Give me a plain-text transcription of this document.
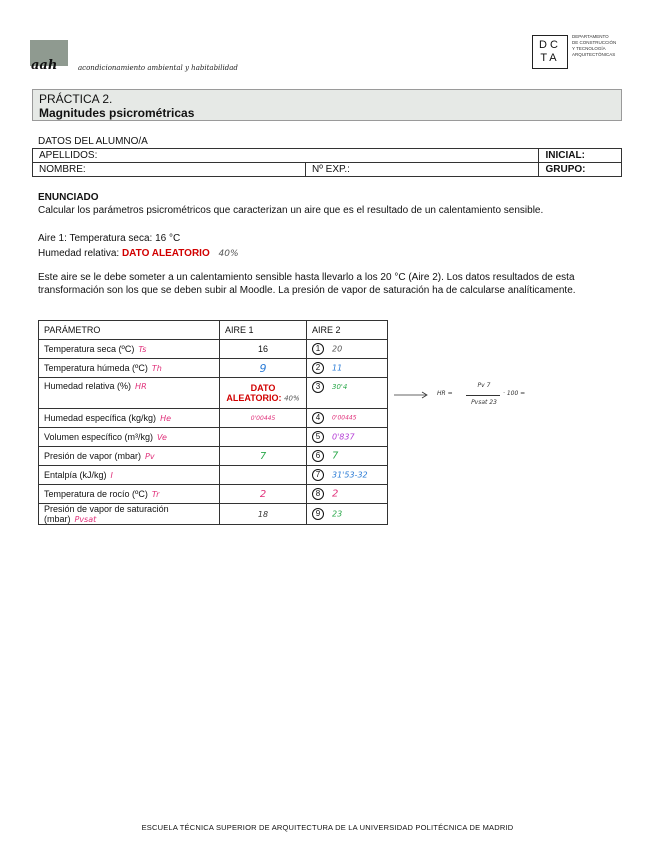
aah	acondicionamiento ambiental y habitabilidad
DCTA
DEPARTAMENTO
DE CONSTRUCCIÓN
Y TECNOLOGÍA
ARQUITECTÓNICAS
PRÁCTICA 2.
Magnitudes psicrométricas
DATOS DEL ALUMNO/A
APELLIDOS:		INICIAL:
NOMBRE:	Nº EXP.:	GRUPO:
ENUNCIADO
Calcular los parámetros psicrométricos que caracterizan un aire que es el resultado de un calentamiento sensible.
Aire 1: Temperatura seca: 16 °C
Humedad relativa: DATO ALEATORIO 40%
Este aire se le debe someter a un calentamiento sensible hasta llevarlo a los 20 °C (Aire 2). Los datos resultados de esta transformación son los que se deben subir al Moodle. La presión de vapor de saturación ha de calcularse analíticamente.
PARÁMETRO	AIRE 1	AIRE 2
Temperatura seca (ºC) Ts	16	1 20
Temperatura húmeda (ºC) Th	9	2 11
Humedad relativa (%) HR	DATO ALEATORIO: 40%	3 30'4
Humedad específica (kg/kg) He	0'00445	4 0'00445
Volumen específico (m³/kg) Ve		5 0'837
Presión de vapor (mbar) Pv	7	6 7
Entalpía (kJ/kg) I		7 31'53-32
Temperatura de rocío (ºC) Tr	2	8 2
Presión de vapor de saturación (mbar) Pvsat	18	9 23
HR =
Pv 7
Pvsat 23
· 100 =
ESCUELA TÉCNICA SUPERIOR DE ARQUITECTURA DE LA UNIVERSIDAD POLITÉCNICA DE MADRID
